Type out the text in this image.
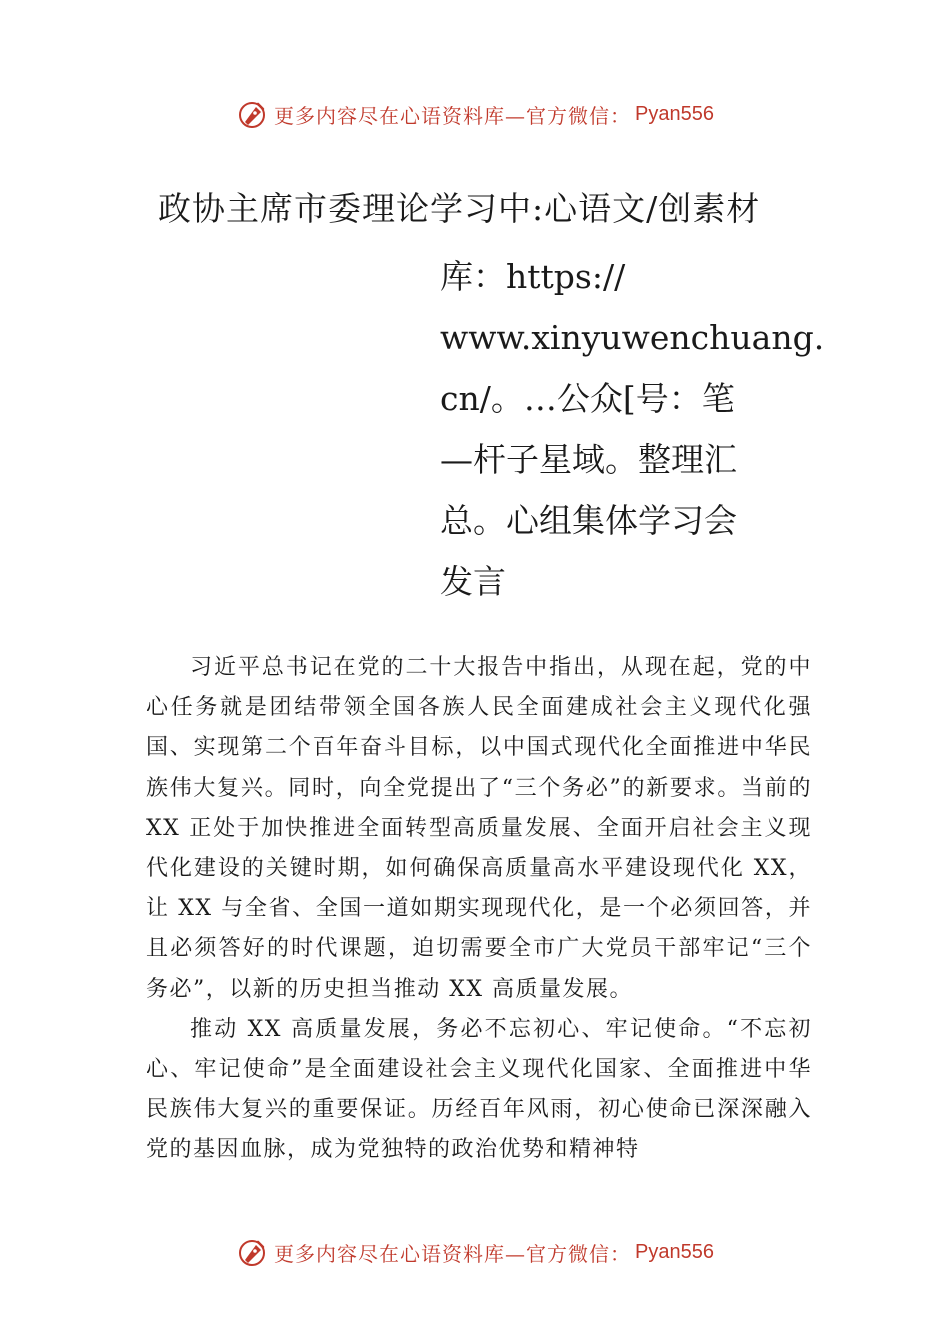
更多内容尽在心语资料库—官方微信： Pyan556
政协主席市委理论学习中:心语文/创素材
库：https://
www.xinyuwenchuang.
cn/。…公众[号：笔
—杆子星域。整理汇
总。心组集体学习会
发言

习近平总书记在党的二十大报告中指出，从现在起，党的中心任务就是团结带领全国各族人民全面建成社会主义现代化强国、实现第二个百年奋斗目标，以中国式现代化全面推进中华民族伟大复兴。同时，向全党提出了“三个务必”的新要求。当前的 XX 正处于加快推进全面转型高质量发展、全面开启社会主义现代化建设的关键时期，如何确保高质量高水平建设现代化 XX，让 XX 与全省、全国一道如期实现现代化，是一个必须回答，并且必须答好的时代课题，迫切需要全市广大党员干部牢记“三个务必”，以新的历史担当推动 XX 高质量发展。

推动 XX 高质量发展，务必不忘初心、牢记使命。“不忘初心、牢记使命”是全面建设社会主义现代化国家、全面推进中华民族伟大复兴的重要保证。历经百年风雨，初心使命已深深融入党的基因血脉，成为党独特的政治优势和精神特

更多内容尽在心语资料库—官方微信： Pyan556
